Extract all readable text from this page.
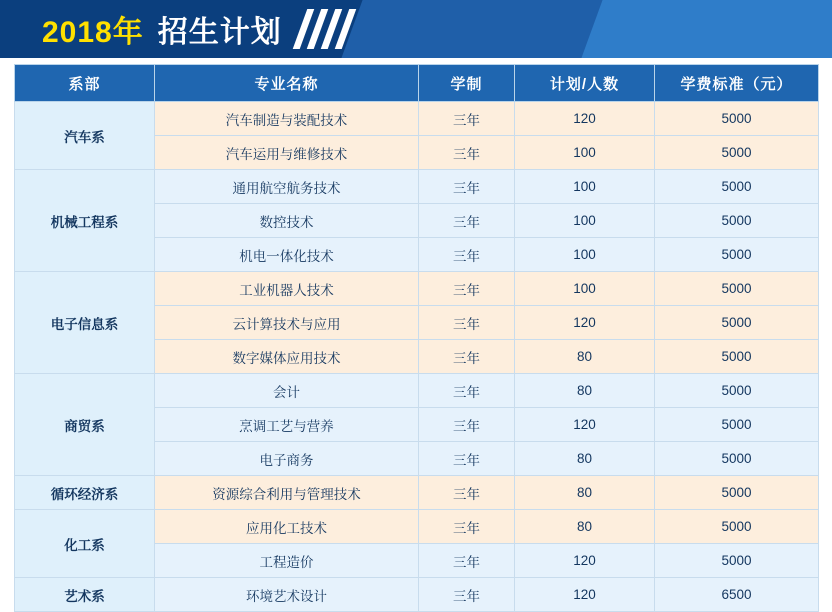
2018年 招生计划
系部	专业名称	学制	计划/人数	学费标准（元）
汽车系	汽车制造与装配技术	三年	120	5000
	汽车运用与维修技术	三年	100	5000
机械工程系	通用航空航务技术	三年	100	5000
	数控技术	三年	100	5000
	机电一体化技术	三年	100	5000
电子信息系	工业机器人技术	三年	100	5000
	云计算技术与应用	三年	120	5000
	数字媒体应用技术	三年	80	5000
商贸系	会计	三年	80	5000
	烹调工艺与营养	三年	120	5000
	电子商务	三年	80	5000
循环经济系	资源综合利用与管理技术	三年	80	5000
化工系	应用化工技术	三年	80	5000
	工程造价	三年	120	5000
艺术系	环境艺术设计	三年	120	6500
